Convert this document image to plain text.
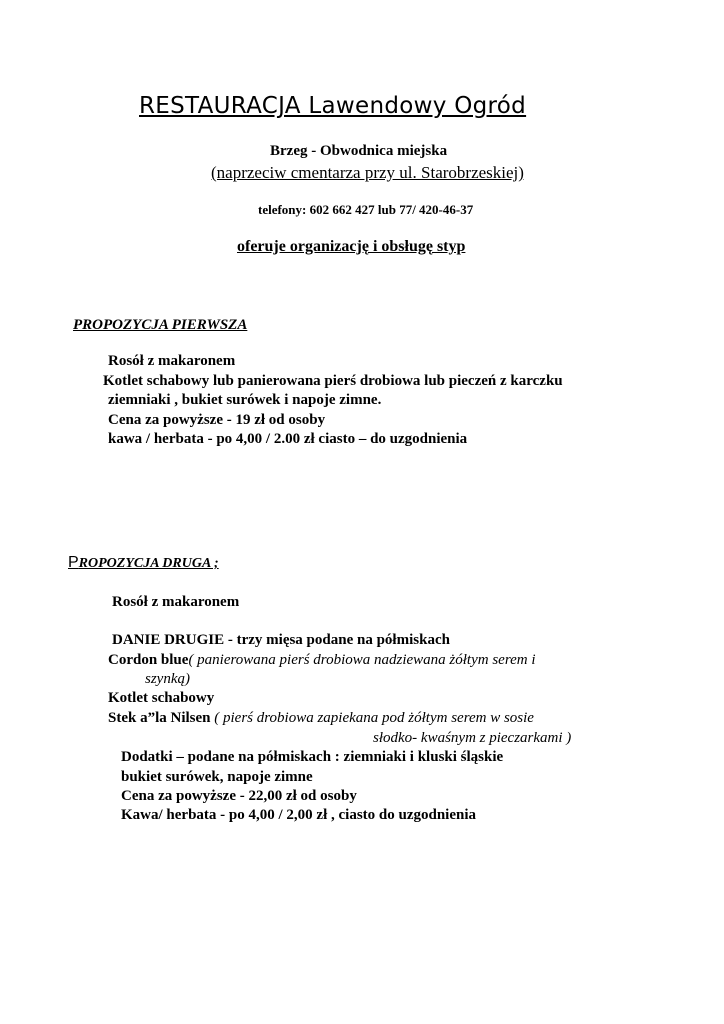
RESTAURACJA Lawendowy Ogród
Brzeg - Obwodnica miejska
(naprzeciw cmentarza przy ul. Starobrzeskiej)
telefony: 602 662 427 lub 77/ 420-46-37
oferuje organizację i obsługę styp
PROPOZYCJA PIERWSZA
Rosół z makaronem
Kotlet schabowy lub panierowana pierś drobiowa lub pieczeń z karczku
ziemniaki , bukiet surówek i napoje zimne.
Cena za powyższe - 19 zł od osoby
kawa / herbata - po 4,00 / 2.00 zł ciasto – do uzgodnienia
PROPOZYCJA DRUGA ;
Rosół z makaronem
DANIE DRUGIE - trzy mięsa podane na półmiskach
Cordon blue( panierowana pierś drobiowa nadziewana żółtym serem i
szynką)
Kotlet schabowy
Stek a”la Nilsen ( pierś drobiowa zapiekana pod żółtym serem w sosie
słodko- kwaśnym z pieczarkami )
Dodatki – podane na półmiskach : ziemniaki i kluski śląskie
bukiet surówek, napoje zimne
Cena za powyższe - 22,00 zł od osoby
Kawa/ herbata - po 4,00 / 2,00 zł , ciasto do uzgodnienia
